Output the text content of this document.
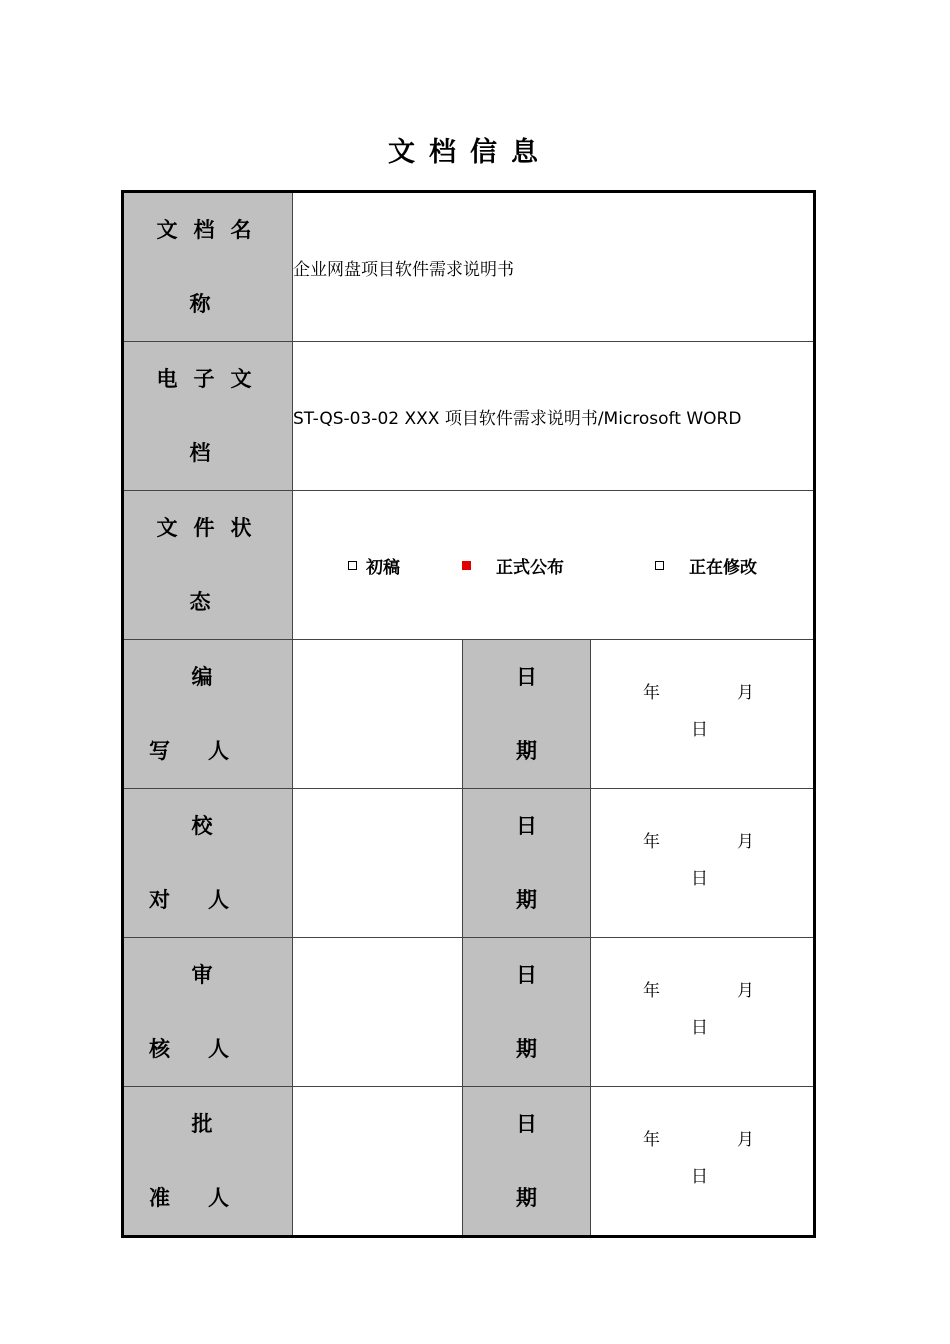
文档信息
文档名称	企业网盘项目软件需求说明书		

电子文档	ST-QS-03-02 XXX 项目软件需求说明书/Microsoft WORD		

文件状态	初稿 正式公布 正在修改		

编写人		日期	年 月
日

校对人		日期	年 月
日

审核人		日期	年 月
日

批准人		日期	年 月
日
